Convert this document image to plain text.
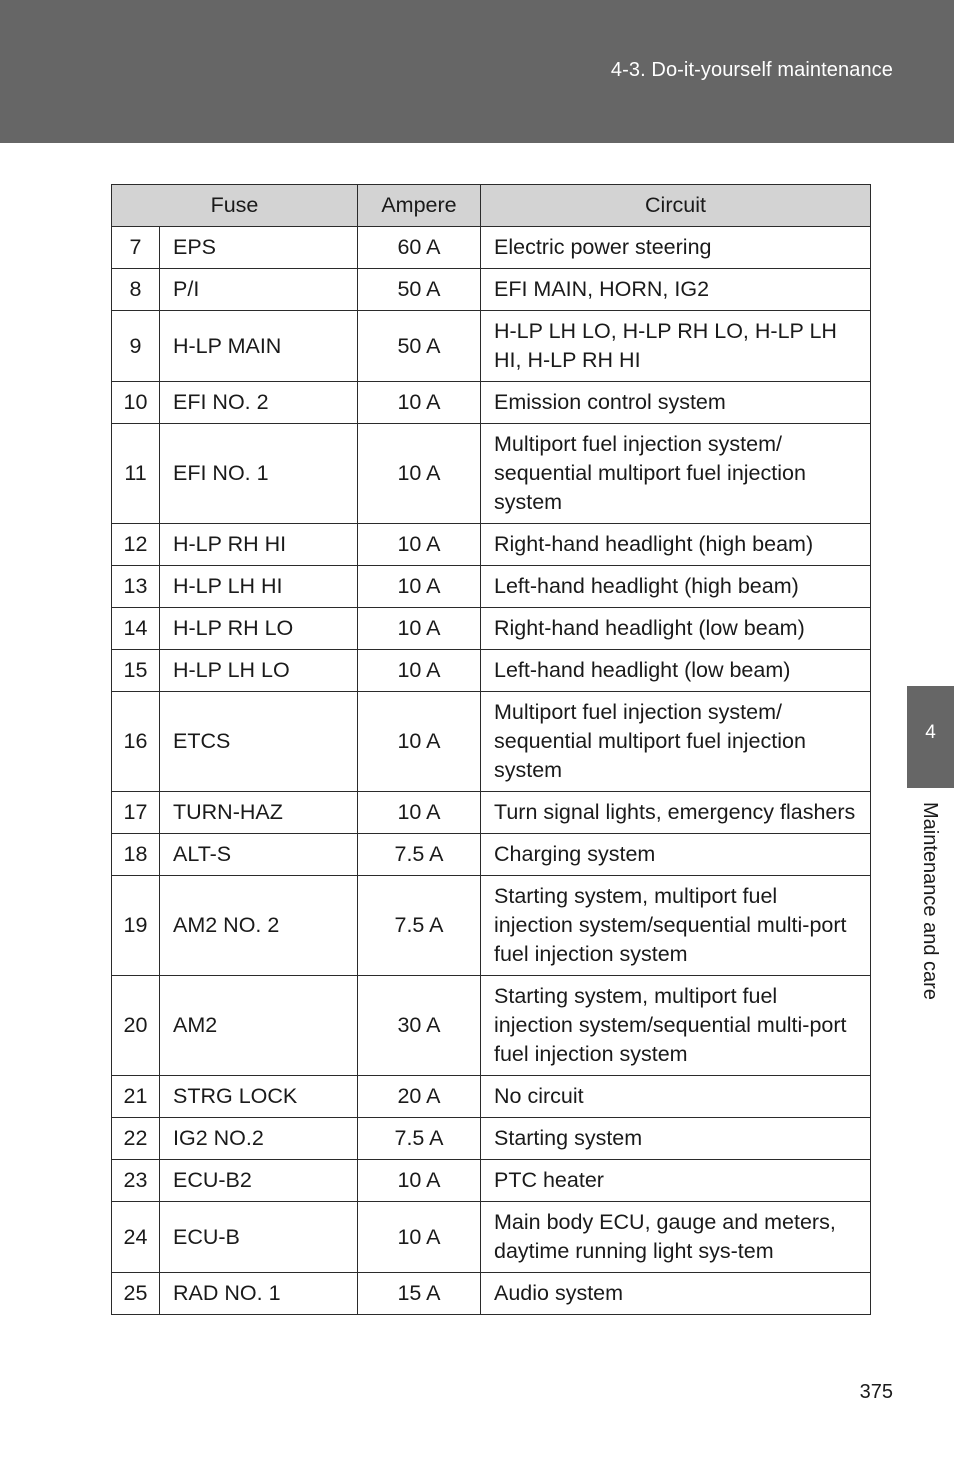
4-3. Do-it-yourself maintenance
Fuse		Ampere	Circuit
7	EPS	60 A	Electric power steering
8	P/I	50 A	EFI MAIN, HORN, IG2
9	H-LP MAIN	50 A	H-LP LH LO, H-LP RH LO, H-LP LH HI, H-LP RH HI
10	EFI NO. 2	10 A	Emission control system
11	EFI NO. 1	10 A	Multiport fuel injection system/ sequential multiport fuel injection system
12	H-LP RH HI	10 A	Right-hand headlight (high beam)
13	H-LP LH HI	10 A	Left-hand headlight (high beam)
14	H-LP RH LO	10 A	Right-hand headlight (low beam)
15	H-LP LH LO	10 A	Left-hand headlight (low beam)
16	ETCS	10 A	Multiport fuel injection system/ sequential multiport fuel injection system
17	TURN-HAZ	10 A	Turn signal lights, emergency flashers
18	ALT-S	7.5 A	Charging system
19	AM2 NO. 2	7.5 A	Starting system, multiport fuel injection system/sequential multi-port fuel injection system
20	AM2	30 A	Starting system, multiport fuel injection system/sequential multi-port fuel injection system
21	STRG LOCK	20 A	No circuit
22	IG2 NO.2	7.5 A	Starting system
23	ECU-B2	10 A	PTC heater
24	ECU-B	10 A	Main body ECU, gauge and meters, daytime running light sys-tem
25	RAD NO. 1	15 A	Audio system
4
Maintenance and care
375
